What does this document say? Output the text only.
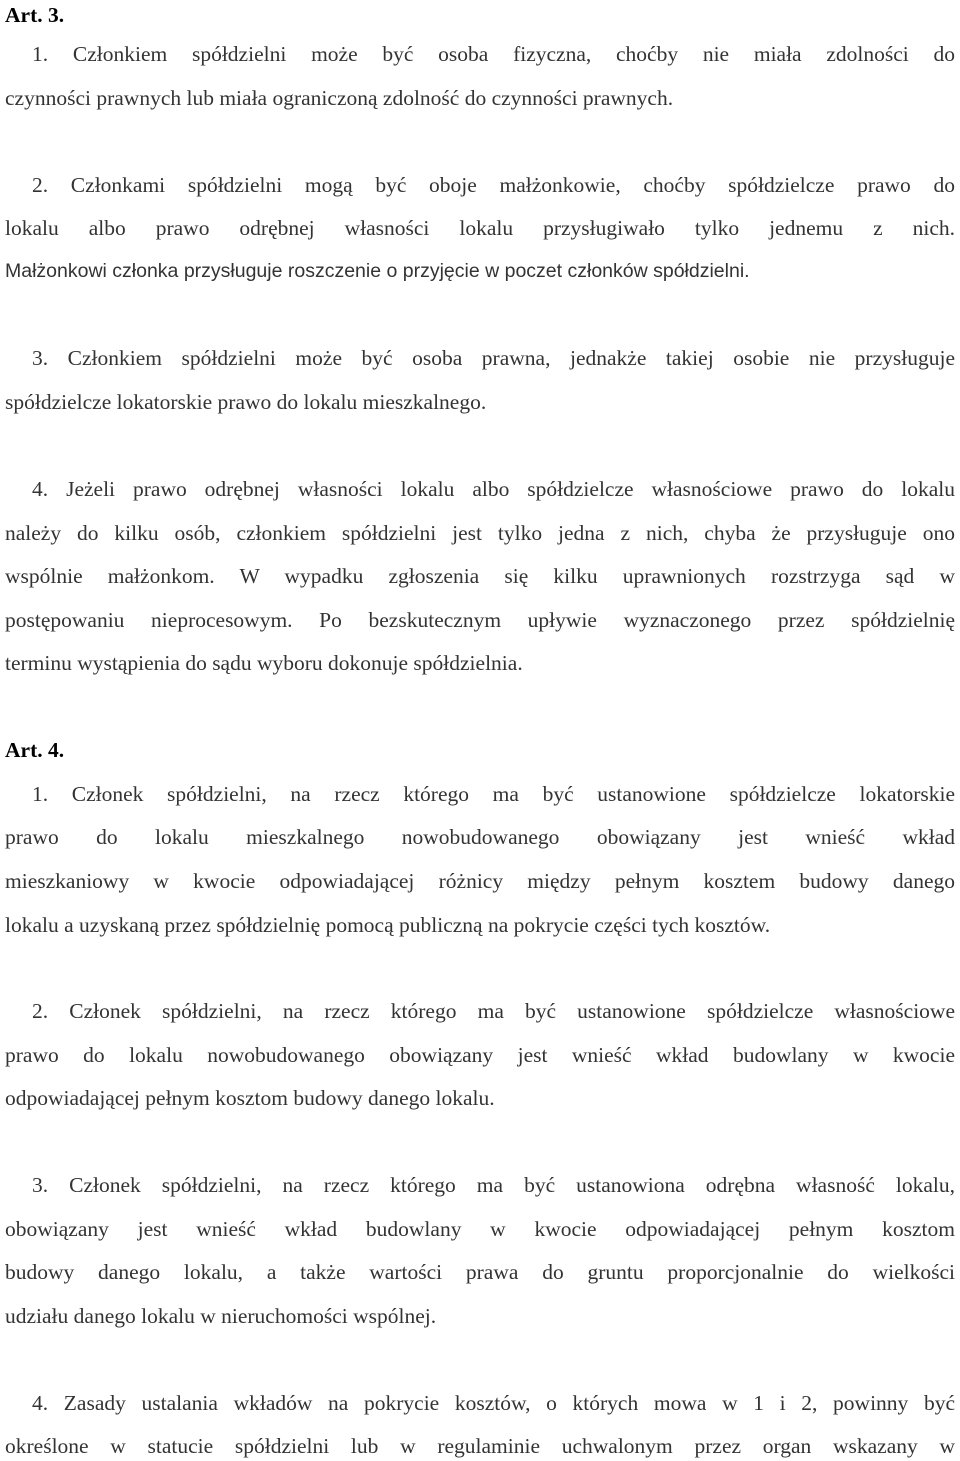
Art. 3.
1. Członkiem spółdzielni może być osoba fizyczna, choćby nie miała zdolności do
czynności prawnych lub miała ograniczoną zdolność do czynności prawnych.
2. Członkami spółdzielni mogą być oboje małżonkowie, choćby spółdzielcze prawo do
lokalu albo prawo odrębnej własności lokalu przysługiwało tylko jednemu z nich.
Małżonkowi członka przysługuje roszczenie o przyjęcie w poczet członków spółdzielni.
3. Członkiem spółdzielni może być osoba prawna, jednakże takiej osobie nie przysługuje
spółdzielcze lokatorskie prawo do lokalu mieszkalnego.
4. Jeżeli prawo odrębnej własności lokalu albo spółdzielcze własnościowe prawo do lokalu
należy do kilku osób, członkiem spółdzielni jest tylko jedna z nich, chyba że przysługuje ono
wspólnie małżonkom. W wypadku zgłoszenia się kilku uprawnionych rozstrzyga sąd w
postępowaniu nieprocesowym. Po bezskutecznym upływie wyznaczonego przez spółdzielnię
terminu wystąpienia do sądu wyboru dokonuje spółdzielnia.
Art. 4.
1. Członek spółdzielni, na rzecz którego ma być ustanowione spółdzielcze lokatorskie
prawo do lokalu mieszkalnego nowobudowanego obowiązany jest wnieść wkład
mieszkaniowy w kwocie odpowiadającej różnicy między pełnym kosztem budowy danego
lokalu a uzyskaną przez spółdzielnię pomocą publiczną na pokrycie części tych kosztów.
2. Członek spółdzielni, na rzecz którego ma być ustanowione spółdzielcze własnościowe
prawo do lokalu nowobudowanego obowiązany jest wnieść wkład budowlany w kwocie
odpowiadającej pełnym kosztom budowy danego lokalu.
3. Członek spółdzielni, na rzecz którego ma być ustanowiona odrębna własność lokalu,
obowiązany jest wnieść wkład budowlany w kwocie odpowiadającej pełnym kosztom
budowy danego lokalu, a także wartości prawa do gruntu proporcjonalnie do wielkości
udziału danego lokalu w nieruchomości wspólnej.
4. Zasady ustalania wkładów na pokrycie kosztów, o których mowa w 1 i 2, powinny być
określone w statucie spółdzielni lub w regulaminie uchwalonym przez organ wskazany w
